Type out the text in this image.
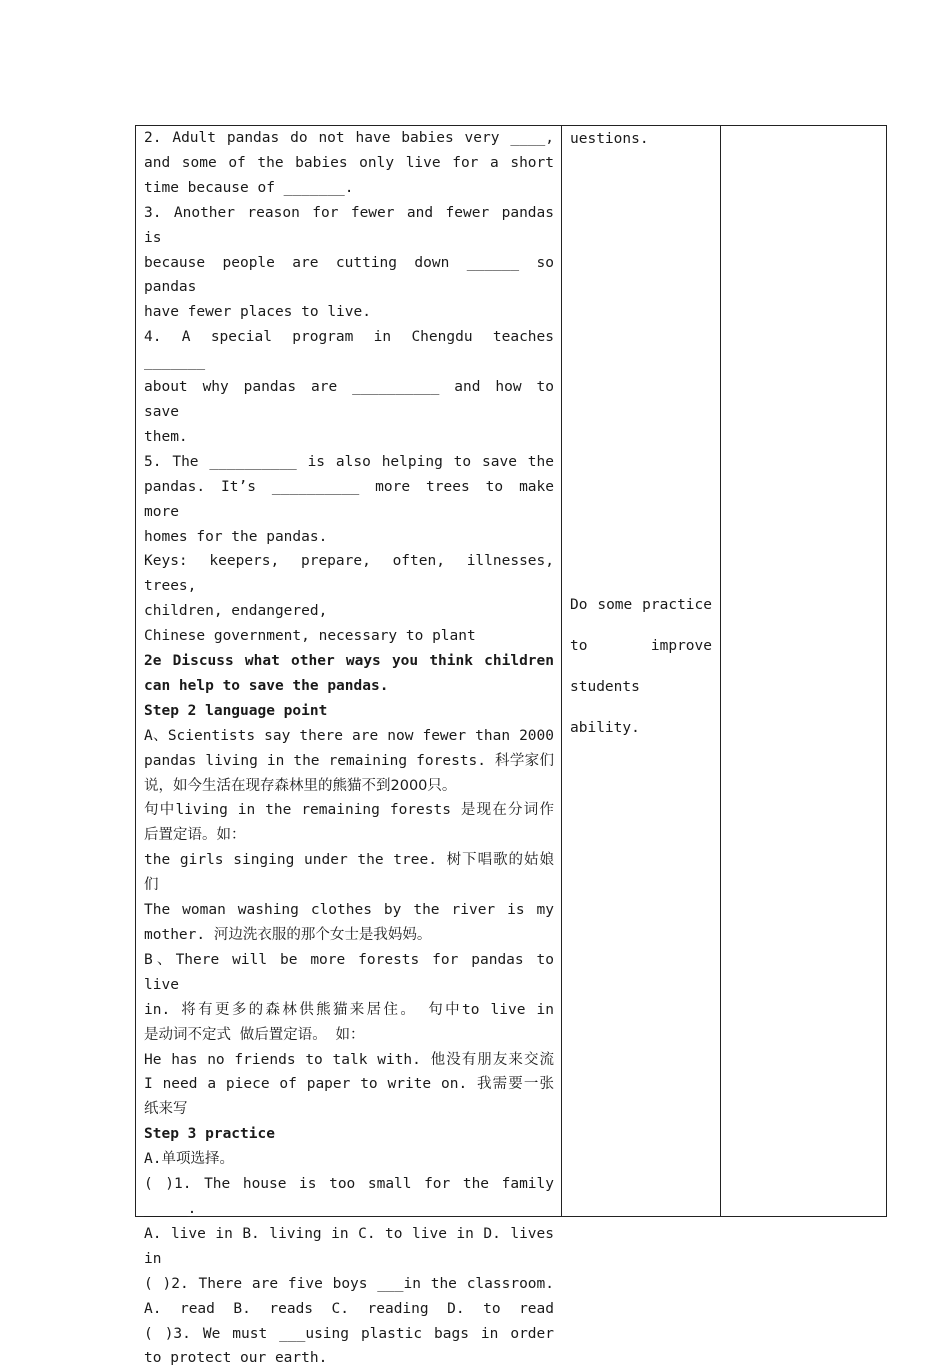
2. Adult pandas do not have babies very ____,

and some of the babies only live for a short

time because of _______.

3. Another reason for fewer and fewer pandas is

because people are cutting down ______ so pandas

have fewer places to live.

4. A special program in Chengdu teaches _______

about why pandas are __________ and how to save

them.

5. The __________ is also helping to save the

pandas. It’s __________ more trees to make more

homes for the pandas.

Keys: keepers, prepare, often, illnesses, trees,

children, endangered,

Chinese government, necessary to plant

2e Discuss what other ways you think children

can help to save the pandas.

Step 2 language point

A、Scientists say there are now fewer than 2000

pandas living in the remaining forests. 科学家们

说，如今生活在现存森林里的熊猫不到2000只。

句中living in the remaining forests 是现在分词作

后置定语。如：

the girls singing under the tree. 树下唱歌的姑娘

们

The woman washing clothes by the river is my

mother. 河边洗衣服的那个女士是我妈妈。

B、There will be more forests for pandas to live

in. 将有更多的森林供熊猫来居住。 句中to live in

是动词不定式 做后置定语。 如：

He has no friends to talk with. 他没有朋友来交流

I need a piece of paper to write on. 我需要一张

纸来写

Step 3 practice

A.单项选择。

( )1. The house is too small for the family

_____.

A. live in B. living in C. to live in D. lives

in

( )2. There are five boys ___in the classroom.

A. read B. reads C. reading D. to read

( )3. We must ___using plastic bags in order

to protect our earth.

uestions.

Do some practice

to	improve

students

ability.
